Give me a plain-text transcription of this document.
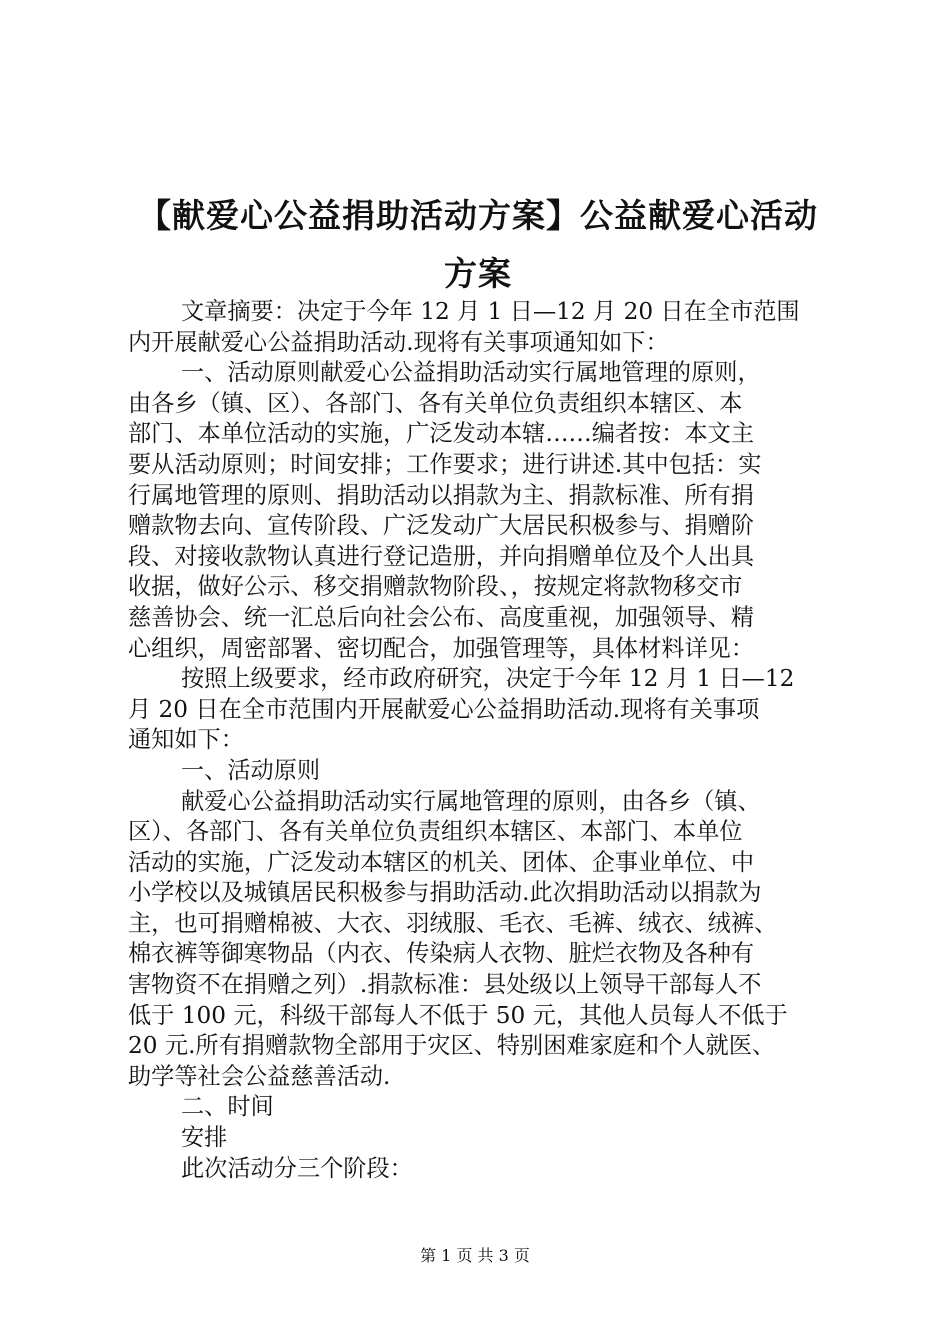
【献爱心公益捐助活动方案】公益献爱心活动
方案
文章摘要：决定于今年 12 月 1 日—12 月 20 日在全市范围
内开展献爱心公益捐助活动.现将有关事项通知如下：
一、活动原则献爱心公益捐助活动实行属地管理的原则，
由各乡（镇、区）、各部门、各有关单位负责组织本辖区、本
部门、本单位活动的实施，广泛发动本辖……编者按：本文主
要从活动原则；时间安排；工作要求；进行讲述.其中包括：实
行属地管理的原则、捐助活动以捐款为主、捐款标准、所有捐
赠款物去向、宣传阶段、广泛发动广大居民积极参与、捐赠阶
段、对接收款物认真进行登记造册，并向捐赠单位及个人出具
收据，做好公示、移交捐赠款物阶段、，按规定将款物移交市
慈善协会、统一汇总后向社会公布、高度重视，加强领导、精
心组织，周密部署、密切配合，加强管理等，具体材料详见：
按照上级要求，经市政府研究，决定于今年 12 月 1 日—12
月 20 日在全市范围内开展献爱心公益捐助活动.现将有关事项
通知如下：
一、活动原则
献爱心公益捐助活动实行属地管理的原则，由各乡（镇、
区）、各部门、各有关单位负责组织本辖区、本部门、本单位
活动的实施，广泛发动本辖区的机关、团体、企事业单位、中
小学校以及城镇居民积极参与捐助活动.此次捐助活动以捐款为
主，也可捐赠棉被、大衣、羽绒服、毛衣、毛裤、绒衣、绒裤、
棉衣裤等御寒物品（内衣、传染病人衣物、脏烂衣物及各种有
害物资不在捐赠之列）.捐款标准：县处级以上领导干部每人不
低于 100 元，科级干部每人不低于 50 元，其他人员每人不低于
20 元.所有捐赠款物全部用于灾区、特别困难家庭和个人就医、
助学等社会公益慈善活动.
二、时间
安排
此次活动分三个阶段：
第 1 页 共 3 页
